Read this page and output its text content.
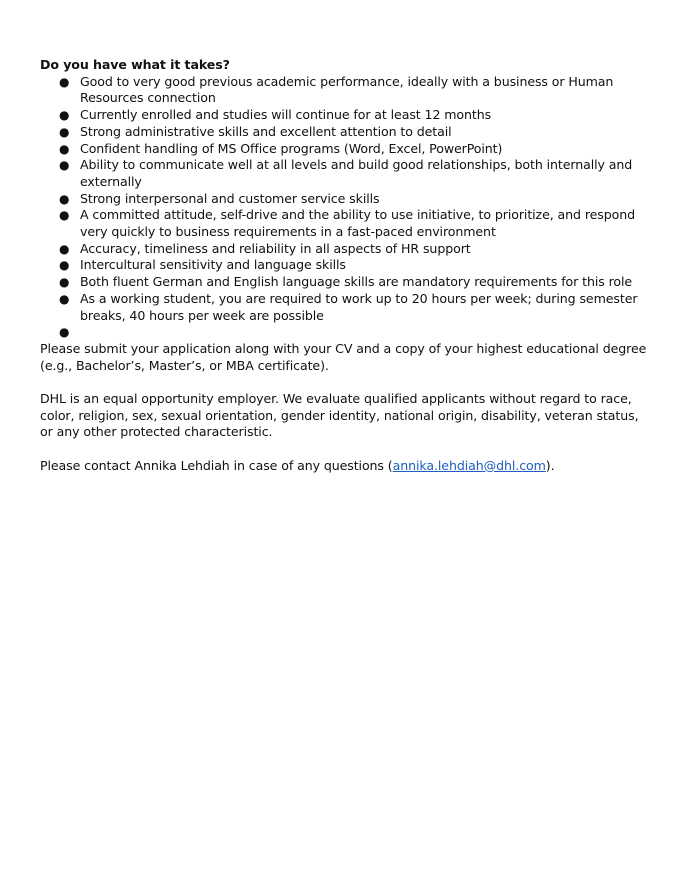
Do you have what it takes?

● Good to very good previous academic performance, ideally with a business or Human Resources connection
● Currently enrolled and studies will continue for at least 12 months
● Strong administrative skills and excellent attention to detail
● Confident handling of MS Office programs (Word, Excel, PowerPoint)
● Ability to communicate well at all levels and build good relationships, both internally and externally
● Strong interpersonal and customer service skills
● A committed attitude, self-drive and the ability to use initiative, to prioritize, and respond very quickly to business requirements in a fast-paced environment
● Accuracy, timeliness and reliability in all aspects of HR support
● Intercultural sensitivity and language skills
● Both fluent German and English language skills are mandatory requirements for this role
● As a working student, you are required to work up to 20 hours per week; during semester breaks, 40 hours per week are possible
●

Please submit your application along with your CV and a copy of your highest educational degree (e.g., Bachelor’s, Master’s, or MBA certificate).

DHL is an equal opportunity employer. We evaluate qualified applicants without regard to race, color, religion, sex, sexual orientation, gender identity, national origin, disability, veteran status, or any other protected characteristic.

Please contact Annika Lehdiah in case of any questions (annika.lehdiah@dhl.com).
